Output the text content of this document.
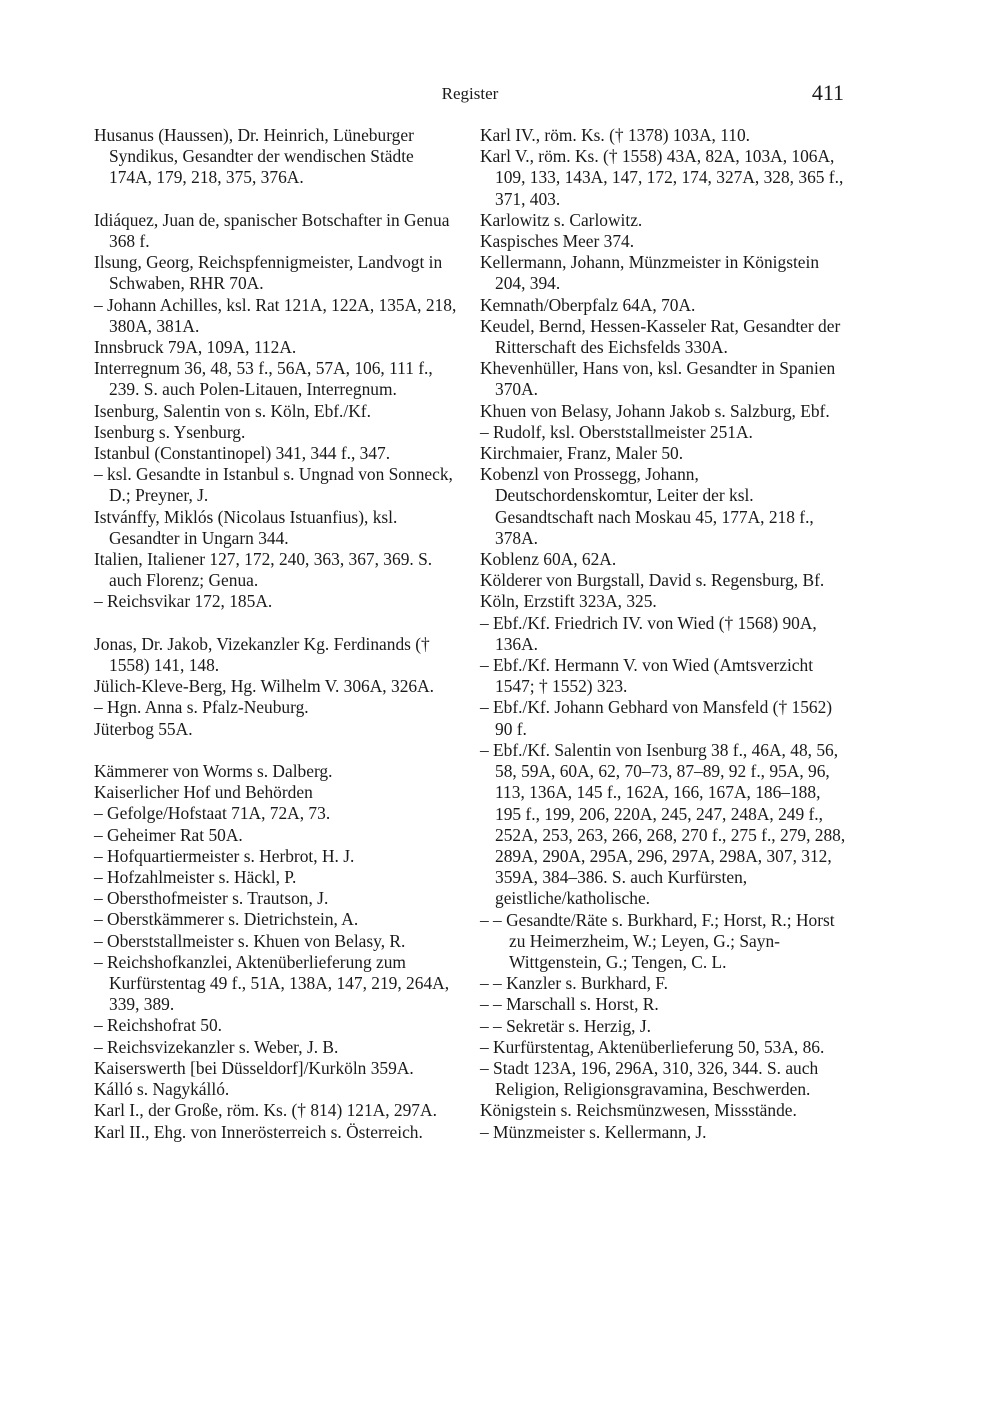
Register	411

Husanus (Haussen), Dr. Heinrich, Lüneburger Syndikus, Gesandter der wendischen Städte 174A, 179, 218, 375, 376A.

Idiáquez, Juan de, spanischer Botschafter in Genua 368 f.

Ilsung, Georg, Reichspfennigmeister, Landvogt in Schwaben, RHR 70A.

– Johann Achilles, ksl. Rat 121A, 122A, 135A, 218, 380A, 381A.

Innsbruck 79A, 109A, 112A.

Interregnum 36, 48, 53 f., 56A, 57A, 106, 111 f., 239. S. auch Polen-Litauen, Interregnum.

Isenburg, Salentin von s. Köln, Ebf./Kf.

Isenburg s. Ysenburg.

Istanbul (Constantinopel) 341, 344 f., 347.

– ksl. Gesandte in Istanbul s. Ungnad von Sonneck, D.; Preyner, J.

Istvánffy, Miklós (Nicolaus Istuanfius), ksl. Gesandter in Ungarn 344.

Italien, Italiener 127, 172, 240, 363, 367, 369. S. auch Florenz; Genua.

– Reichsvikar 172, 185A.

Jonas, Dr. Jakob, Vizekanzler Kg. Ferdinands († 1558) 141, 148.

Jülich-Kleve-Berg, Hg. Wilhelm V. 306A, 326A.

– Hgn. Anna s. Pfalz-Neuburg.

Jüterbog 55A.

Kämmerer von Worms s. Dalberg.

Kaiserlicher Hof und Behörden

– Gefolge/Hofstaat 71A, 72A, 73.

– Geheimer Rat 50A.

– Hofquartiermeister s. Herbrot, H. J.

– Hofzahlmeister s. Häckl, P.

– Obersthofmeister s. Trautson, J.

– Oberstkämmerer s. Dietrichstein, A.

– Oberststallmeister s. Khuen von Belasy, R.

– Reichshofkanzlei, Aktenüberlieferung zum Kurfürstentag 49 f., 51A, 138A, 147, 219, 264A, 339, 389.

– Reichshofrat 50.

– Reichsvizekanzler s. Weber, J. B.

Kaiserswerth [bei Düsseldorf]/Kurköln 359A.

Kálló s. Nagykálló.

Karl I., der Große, röm. Ks. († 814) 121A, 297A.

Karl II., Ehg. von Innerösterreich s. Österreich.

Karl IV., röm. Ks. († 1378) 103A, 110.

Karl V., röm. Ks. († 1558) 43A, 82A, 103A, 106A, 109, 133, 143A, 147, 172, 174, 327A, 328, 365 f., 371, 403.

Karlowitz s. Carlowitz.

Kaspisches Meer 374.

Kellermann, Johann, Münzmeister in Königstein 204, 394.

Kemnath/Oberpfalz 64A, 70A.

Keudel, Bernd, Hessen-Kasseler Rat, Gesandter der Ritterschaft des Eichsfelds 330A.

Khevenhüller, Hans von, ksl. Gesandter in Spanien 370A.

Khuen von Belasy, Johann Jakob s. Salzburg, Ebf.

– Rudolf, ksl. Oberststallmeister 251A.

Kirchmaier, Franz, Maler 50.

Kobenzl von Prossegg, Johann, Deutschordenskomtur, Leiter der ksl. Gesandtschaft nach Moskau 45, 177A, 218 f., 378A.

Koblenz 60A, 62A.

Kölderer von Burgstall, David s. Regensburg, Bf.

Köln, Erzstift 323A, 325.

– Ebf./Kf. Friedrich IV. von Wied († 1568) 90A, 136A.

– Ebf./Kf. Hermann V. von Wied (Amtsverzicht 1547; † 1552) 323.

– Ebf./Kf. Johann Gebhard von Mansfeld († 1562) 90 f.

– Ebf./Kf. Salentin von Isenburg 38 f., 46A, 48, 56, 58, 59A, 60A, 62, 70–73, 87–89, 92 f., 95A, 96, 113, 136A, 145 f., 162A, 166, 167A, 186–188, 195 f., 199, 206, 220A, 245, 247, 248A, 249 f., 252A, 253, 263, 266, 268, 270 f., 275 f., 279, 288, 289A, 290A, 295A, 296, 297A, 298A, 307, 312, 359A, 384–386. S. auch Kurfürsten, geistliche/katholische.

– – Gesandte/Räte s. Burkhard, F.; Horst, R.; Horst zu Heimerzheim, W.; Leyen, G.; Sayn-Wittgenstein, G.; Tengen, C. L.

– – Kanzler s. Burkhard, F.

– – Marschall s. Horst, R.

– – Sekretär s. Herzig, J.

– Kurfürstentag, Aktenüberlieferung 50, 53A, 86.

– Stadt 123A, 196, 296A, 310, 326, 344. S. auch Religion, Religionsgravamina, Beschwerden.

Königstein s. Reichsmünzwesen, Missstände.

– Münzmeister s. Kellermann, J.
